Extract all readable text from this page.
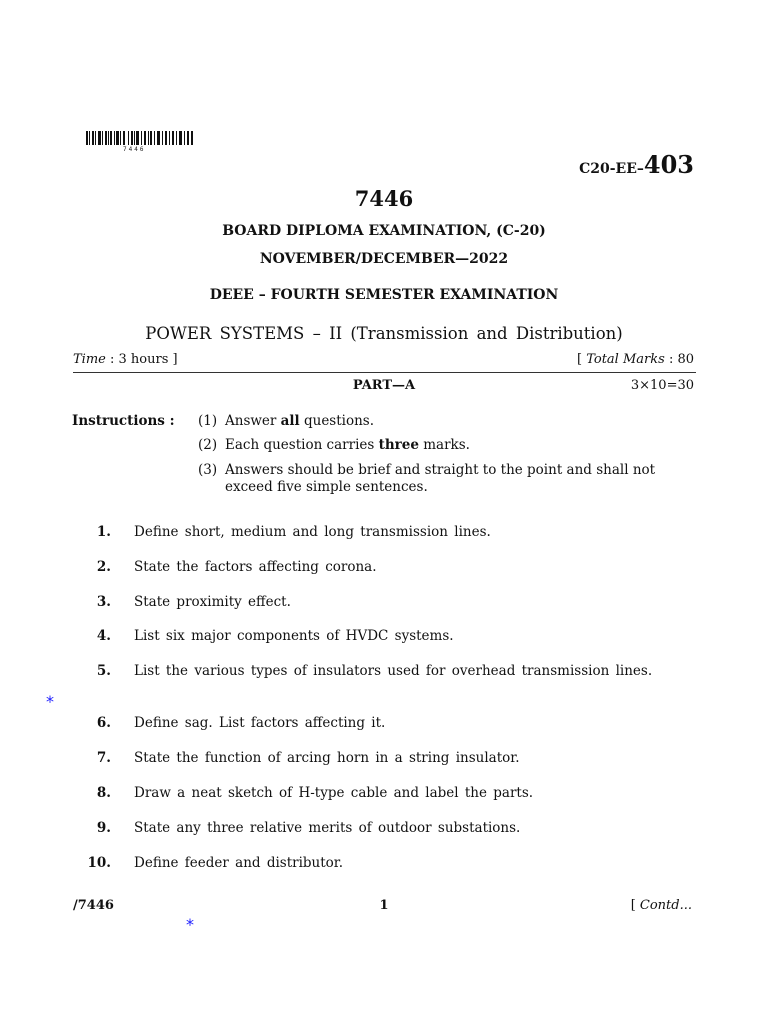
7446
C20-EE–403
7446
BOARD DIPLOMA EXAMINATION, (C-20)
NOVEMBER/DECEMBER—2022
DEEE – FOURTH SEMESTER EXAMINATION
POWER SYSTEMS – II (Transmission and Distribution)
Time : 3 hours ]	[ Total Marks : 80
PART—A	3×10=30
Instructions : (1) Answer all questions.
(2) Each question carries three marks.
(3) Answers should be brief and straight to the point and shall not exceed five simple sentences.
1. Define short, medium and long transmission lines.
2. State the factors affecting corona.
3. State proximity effect.
4. List six major components of HVDC systems.
5. List the various types of insulators used for overhead transmission lines.
6. Define sag. List factors affecting it.
7. State the function of arcing horn in a string insulator.
8. Draw a neat sketch of H-type cable and label the parts.
9. State any three relative merits of outdoor substations.
10. Define feeder and distributor.
*
*
/7446	1	[ Contd...
